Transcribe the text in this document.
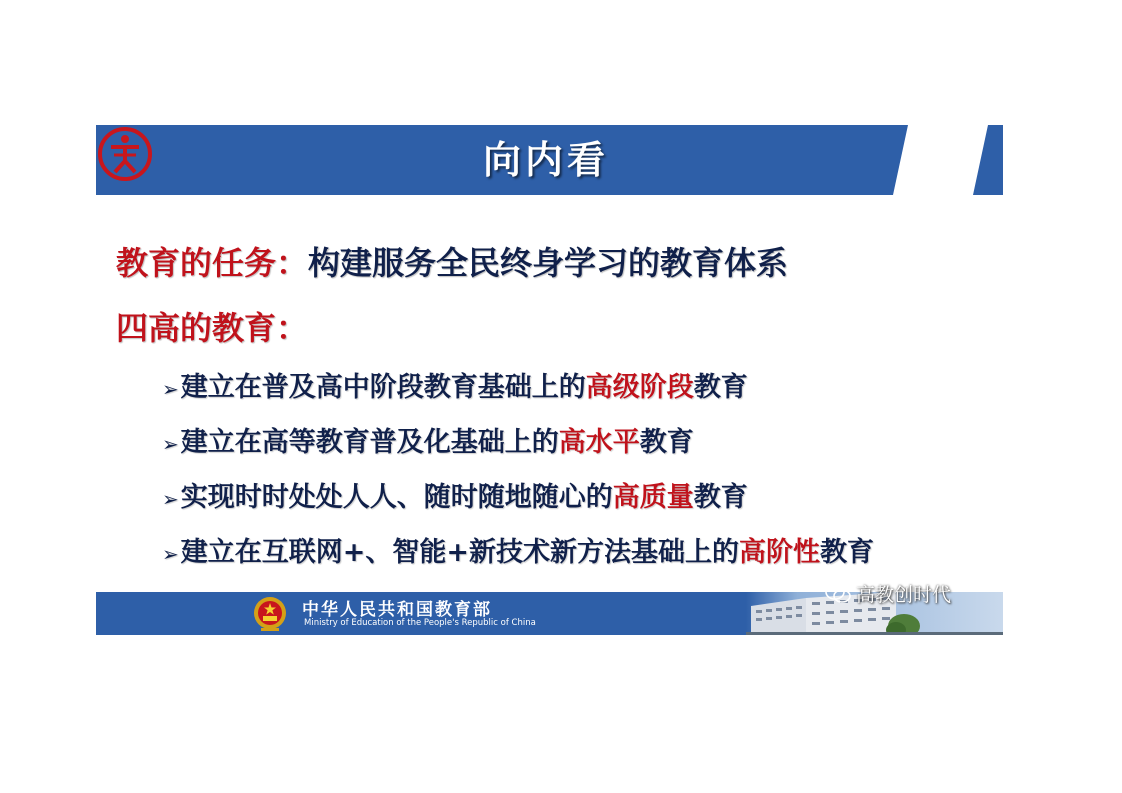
向内看
教育的任务：构建服务全民终身学习的教育体系
四高的教育：
➢建立在普及高中阶段教育基础上的高级阶段教育
➢建立在高等教育普及化基础上的高水平教育
➢实现时时处处人人、随时随地随心的高质量教育
➢建立在互联网+、智能+新技术新方法基础上的高阶性教育
中华人民共和国教育部
Ministry of Education of the People's Republic of China
高教创时代
